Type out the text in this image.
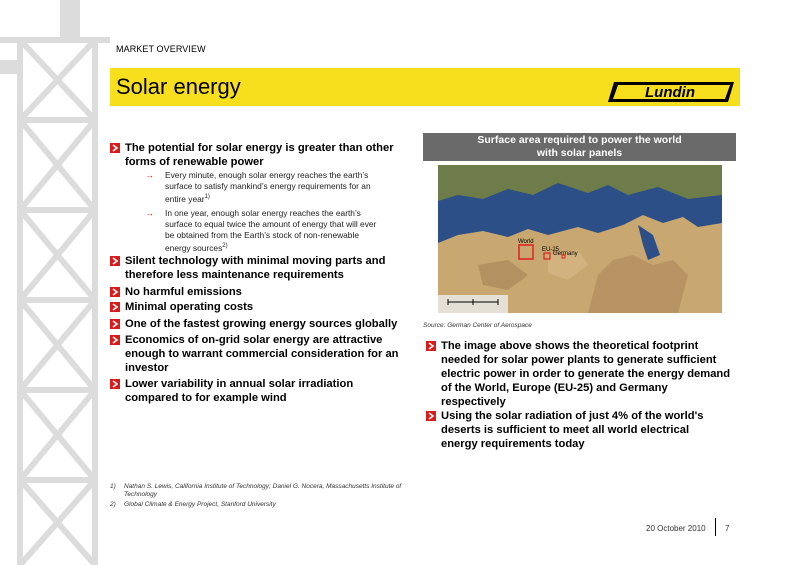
MARKET OVERVIEW
Solar energy	Lundin
The potential for solar energy is greater than other
forms of renewable power
→ Every minute, enough solar energy reaches the earth’s
surface to satisfy mankind’s energy requirements for an
entire year$^{1)}$
→ In one year, enough solar energy reaches the earth’s
surface to equal twice the amount of energy that will ever
be obtained from the Earth’s stock of non-renewable
energy sources$^{2)}$
Silent technology with minimal moving parts and
therefore less maintenance requirements
No harmful emissions
Minimal operating costs
One of the fastest growing energy sources globally
Economics of on-grid solar energy are attractive
enough to warrant commercial consideration for an
investor
Lower variability in annual solar irradiation
compared to for example wind
Surface area required to power the world
with solar panels
World
EU-25
Germany
Source: German Center of Aerospace
The image above shows the theoretical footprint
needed for solar power plants to generate sufficient
electric power in order to generate the energy demand
of the World, Europe (EU-25) and Germany
respectively
Using the solar radiation of just 4% of the world's
deserts is sufficient to meet all world electrical
energy requirements today
1) Nathan S. Lewis, California Institute of Technology; Daniel G. Nocera, Massachusetts Institute of
Technology
2) Global Climate & Energy Project, Stanford University
20 October 2010 7
